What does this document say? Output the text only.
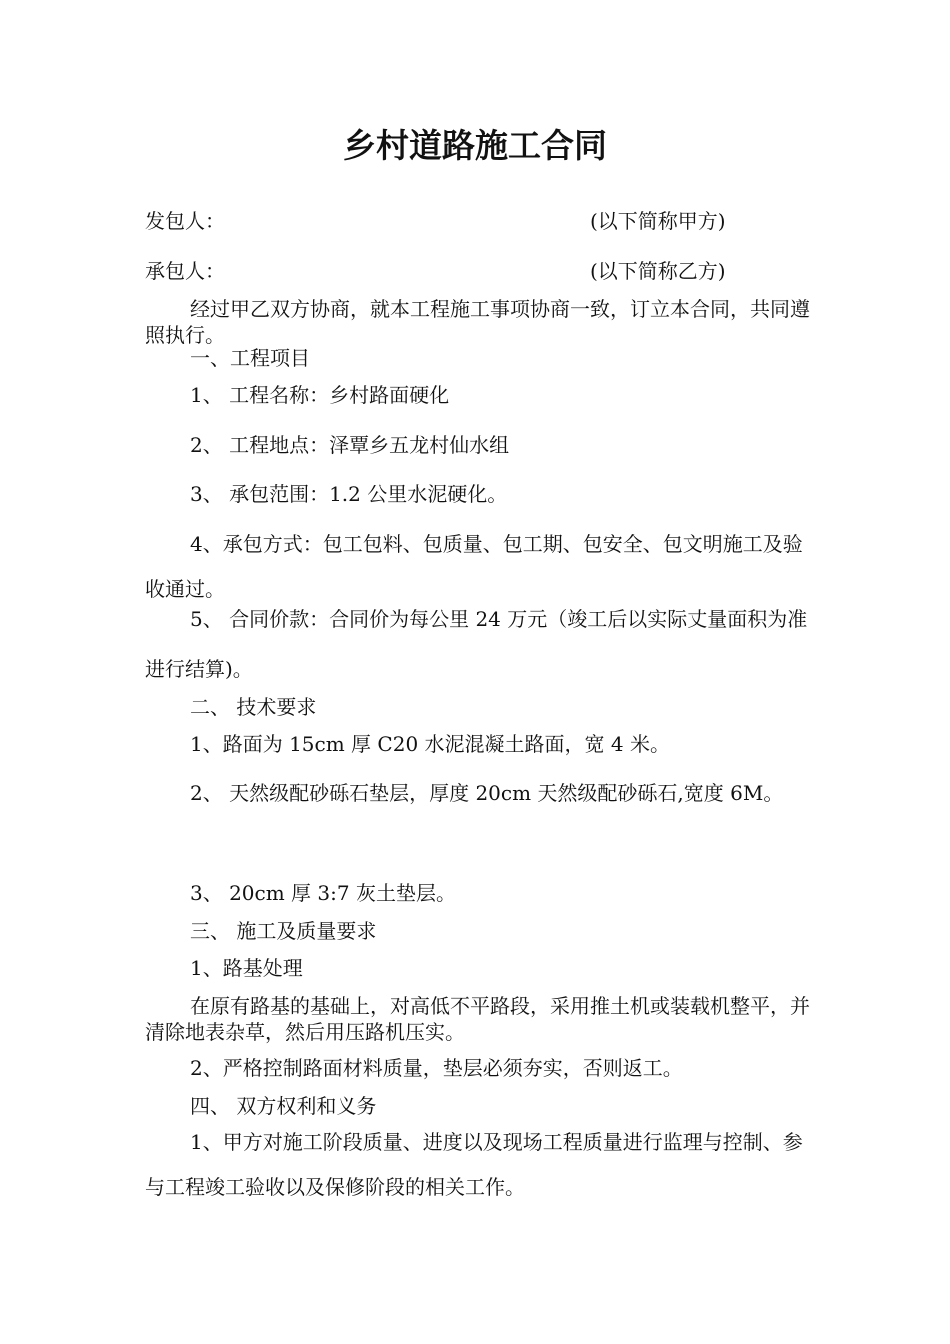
乡村道路施工合同
发包人：	(以下简称甲方)
承包人：	(以下简称乙方)
经过甲乙双方协商，就本工程施工事项协商一致，订立本合同，共同遵照执行。
一、工程项目
1、 工程名称：乡村路面硬化
2、 工程地点：泽覃乡五龙村仙水组
3、 承包范围：1.2 公里水泥硬化。
4、承包方式：包工包料、包质量、包工期、包安全、包文明施工及验收通过。
5、 合同价款：合同价为每公里 24 万元（竣工后以实际丈量面积为准进行结算)。
二、 技术要求
1、路面为 15cm 厚 C20 水泥混凝土路面，宽 4 米。
2、 天然级配砂砾石垫层，厚度 20cm 天然级配砂砾石,宽度 6M。
3、 20cm 厚 3:7 灰土垫层。
三、 施工及质量要求
1、路基处理
在原有路基的基础上，对高低不平路段，采用推土机或装载机整平，并清除地表杂草，然后用压路机压实。
2、严格控制路面材料质量，垫层必须夯实，否则返工。
四、 双方权利和义务
1、甲方对施工阶段质量、进度以及现场工程质量进行监理与控制、参与工程竣工验收以及保修阶段的相关工作。
